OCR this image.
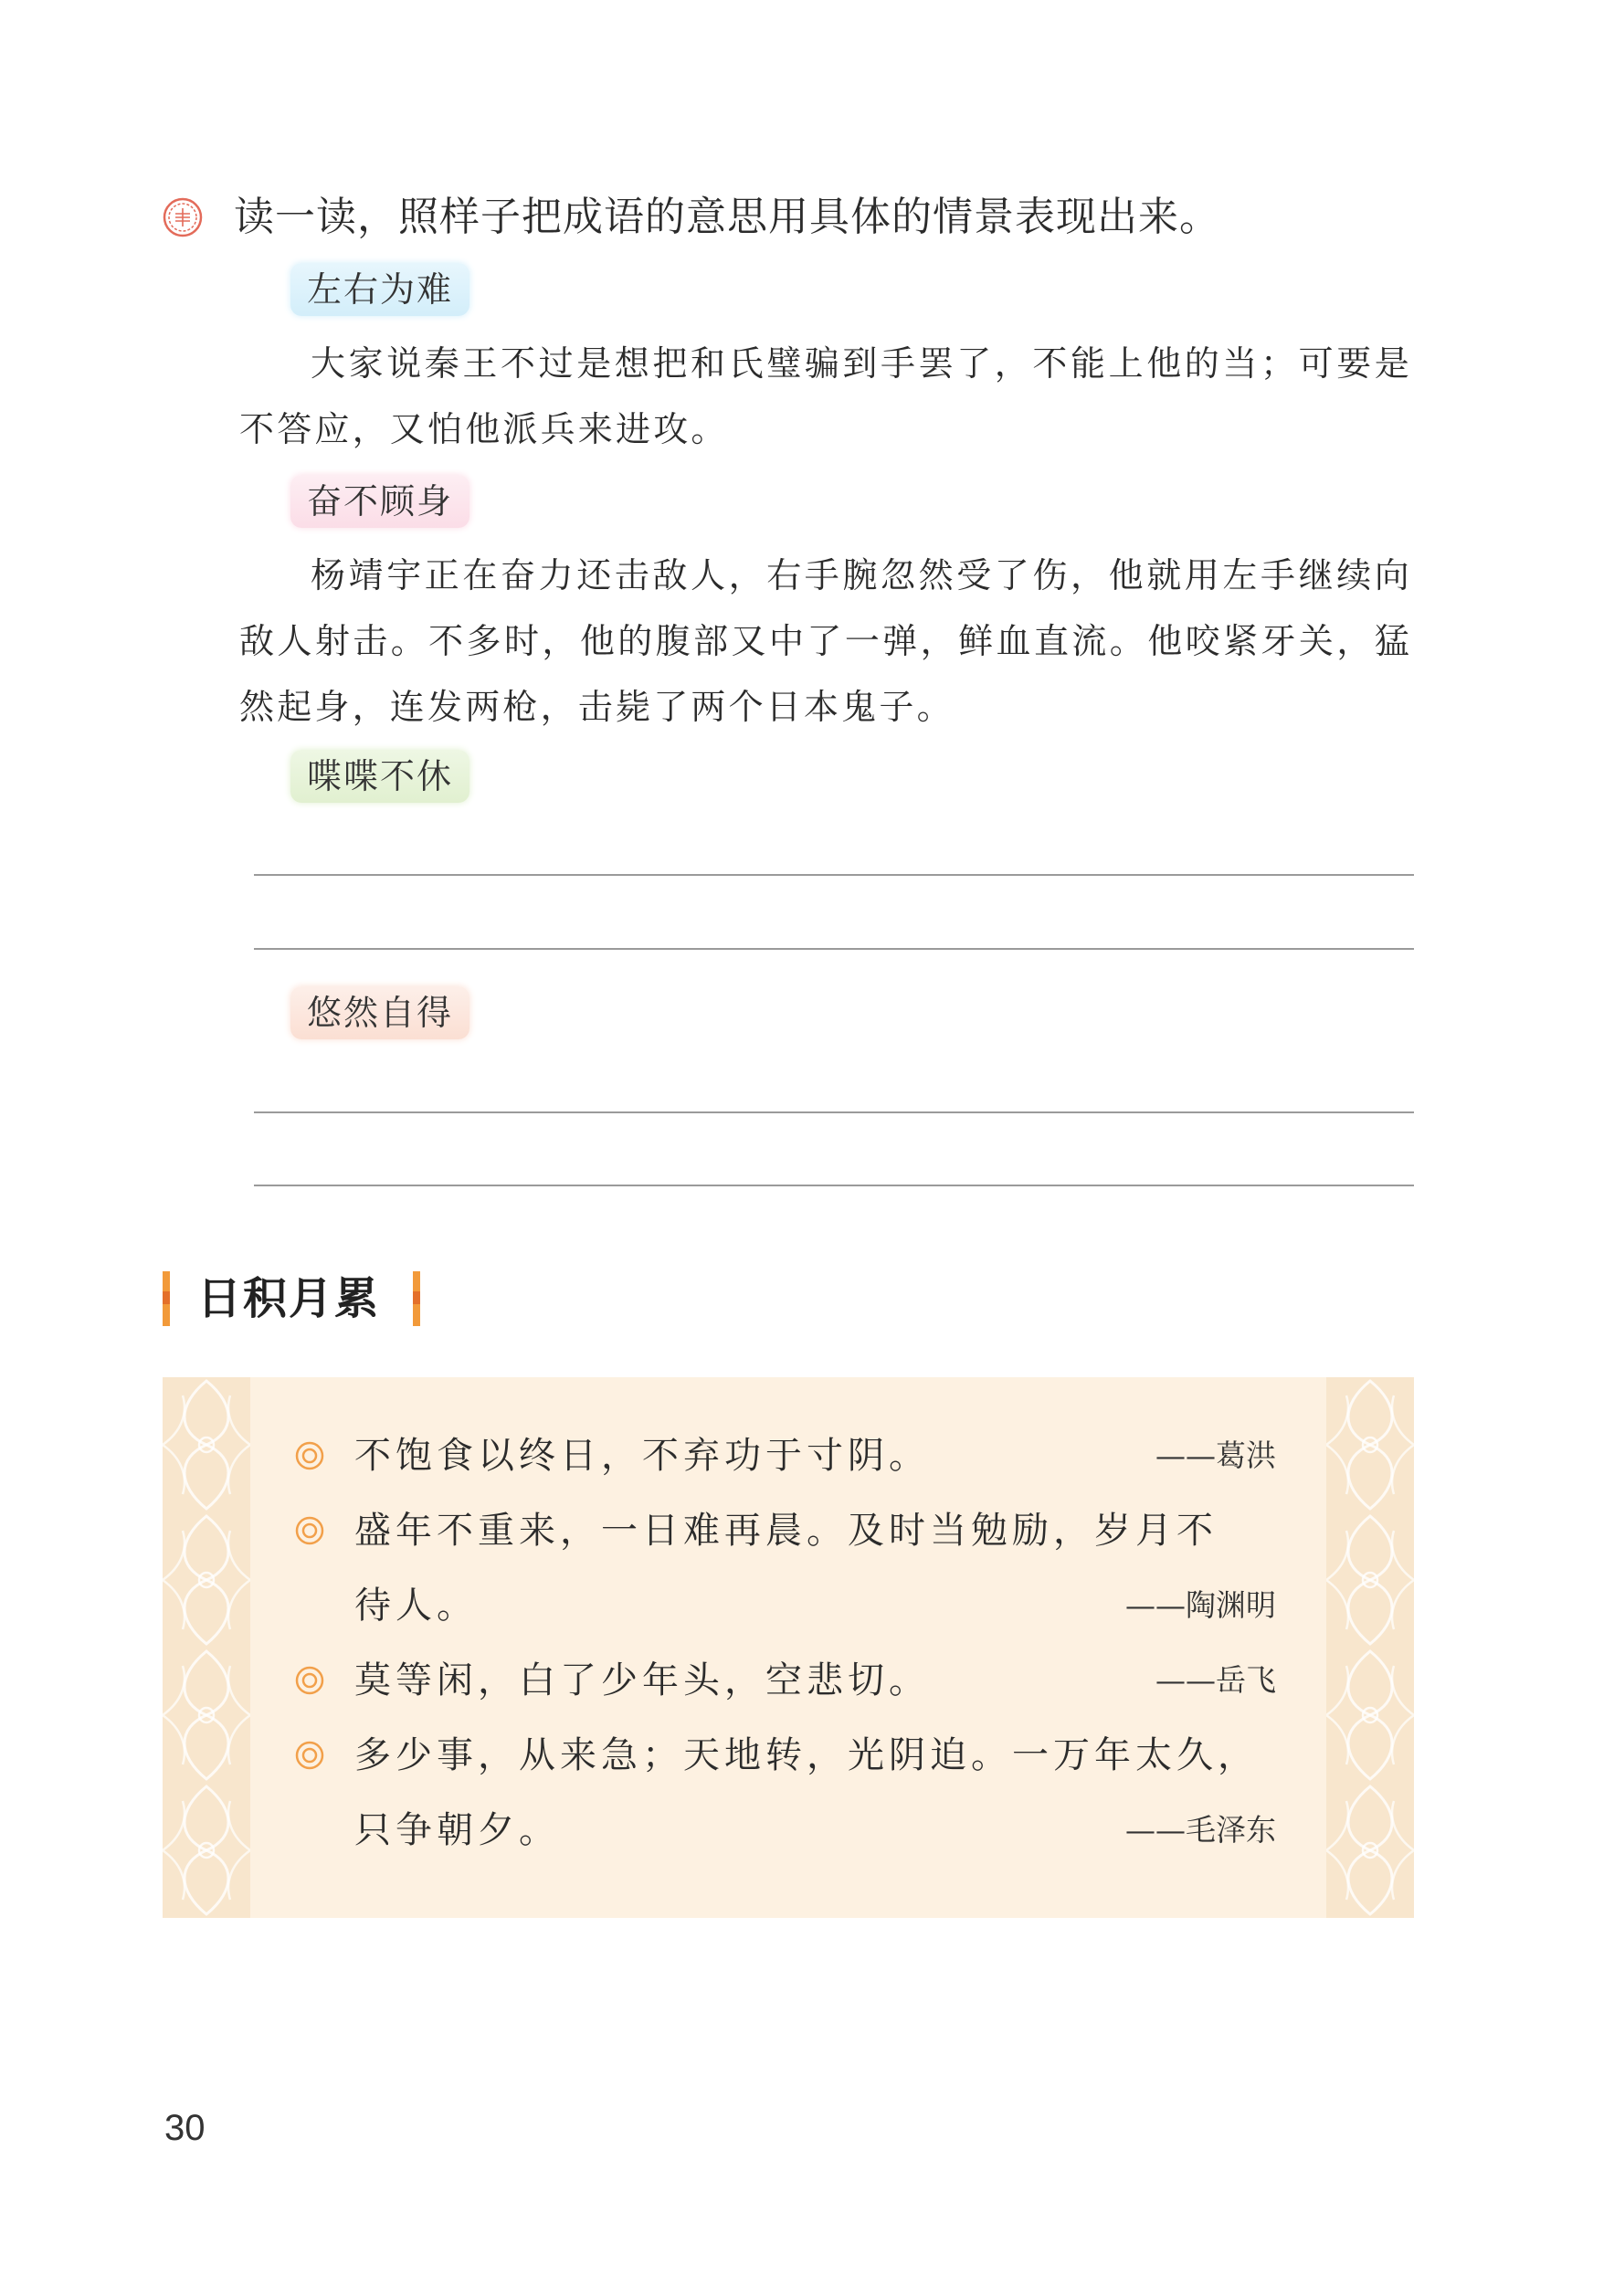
读一读，照样子把成语的意思用具体的情景表现出来。
左右为难
大家说秦王不过是想把和氏璧骗到手罢了，不能上他的当；可要是不答应，又怕他派兵来进攻。
奋不顾身
杨靖宇正在奋力还击敌人，右手腕忽然受了伤，他就用左手继续向敌人射击。不多时，他的腹部又中了一弹，鲜血直流。他咬紧牙关，猛然起身，连发两枪，击毙了两个日本鬼子。
喋喋不休
悠然自得
日积月累
不饱食以终日，不弃功于寸阴。	——葛洪
盛年不重来，一日难再晨。及时当勉励，岁月不
待人。	——陶渊明
莫等闲，白了少年头，空悲切。	——岳飞
多少事，从来急；天地转，光阴迫。一万年太久，
只争朝夕。	——毛泽东
30
